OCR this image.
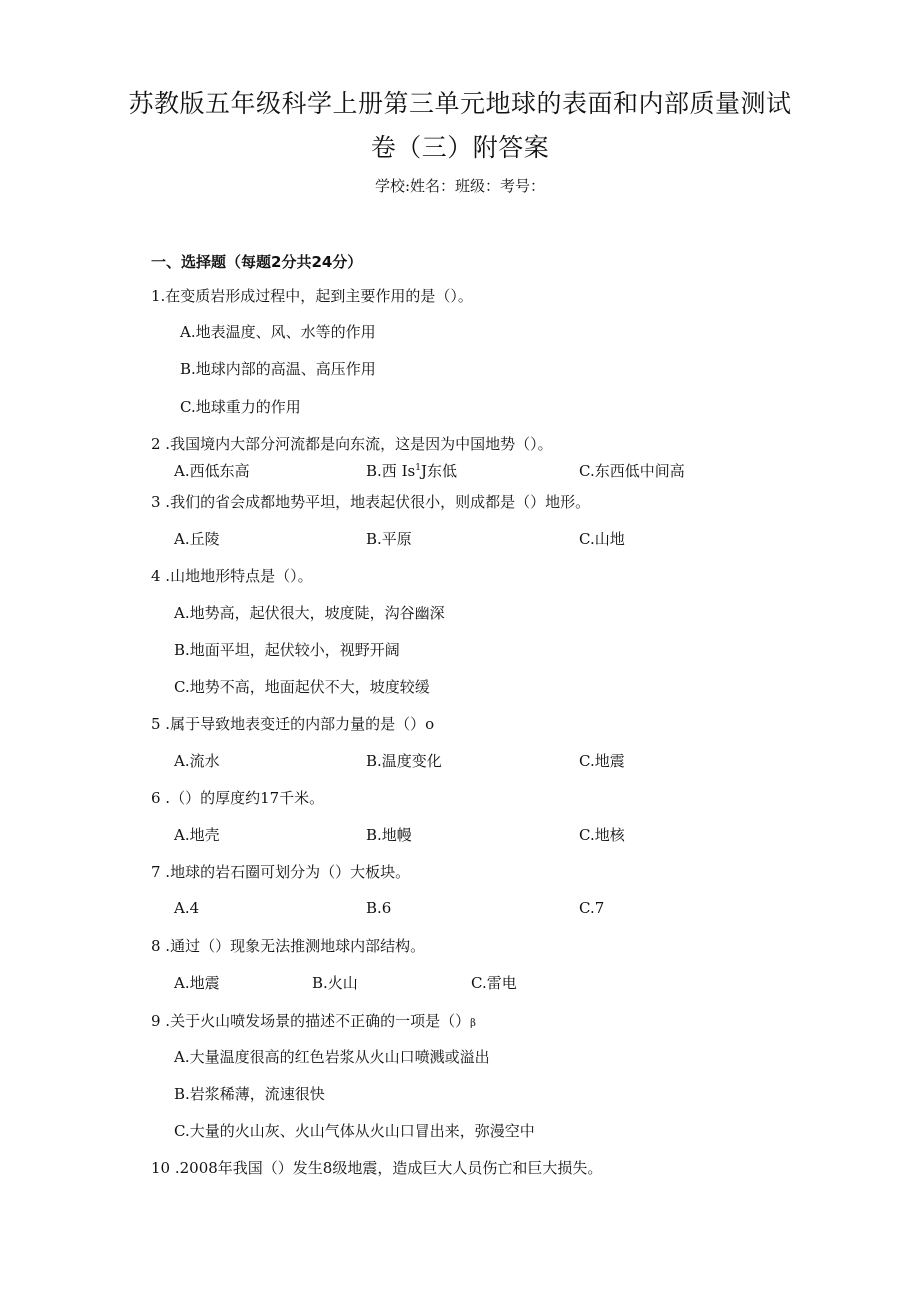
苏教版五年级科学上册第三单元地球的表面和内部质量测试
卷（三）附答案
学校:姓名：班级：考号：
一、选择题（每题2分共24分）
1.在变质岩形成过程中，起到主要作用的是（）。
A.地表温度、风、水等的作用
B.地球内部的高温、高压作用
C.地球重力的作用
2 .我国境内大部分河流都是向东流，这是因为中国地势（）。
A.西低东高	B.西 Is$^1$J东低	C.东西低中间高
3 .我们的省会成都地势平坦，地表起伏很小，则成都是（）地形。
A.丘陵	B.平原	C.山地
4 .山地地形特点是（）。
A.地势高，起伏很大，坡度陡，沟谷幽深
B.地面平坦，起伏较小，视野开阔
C.地势不高，地面起伏不大，坡度较缓
5 .属于导致地表变迁的内部力量的是（）o
A.流水	B.温度变化	C.地震
6 .（）的厚度约17千米。
A.地壳	B.地幔	C.地核
7 .地球的岩石圈可划分为（）大板块。
A.4	B.6	C.7
8 .通过（）现象无法推测地球内部结构。
A.地震	B.火山	C.雷电
9 .关于火山喷发场景的描述不正确的一项是（）β
A.大量温度很高的红色岩浆从火山口喷溅或溢出
B.岩浆稀薄，流速很快
C.大量的火山灰、火山气体从火山口冒出来，弥漫空中
10 .2008年我国（）发生8级地震，造成巨大人员伤亡和巨大损失。
